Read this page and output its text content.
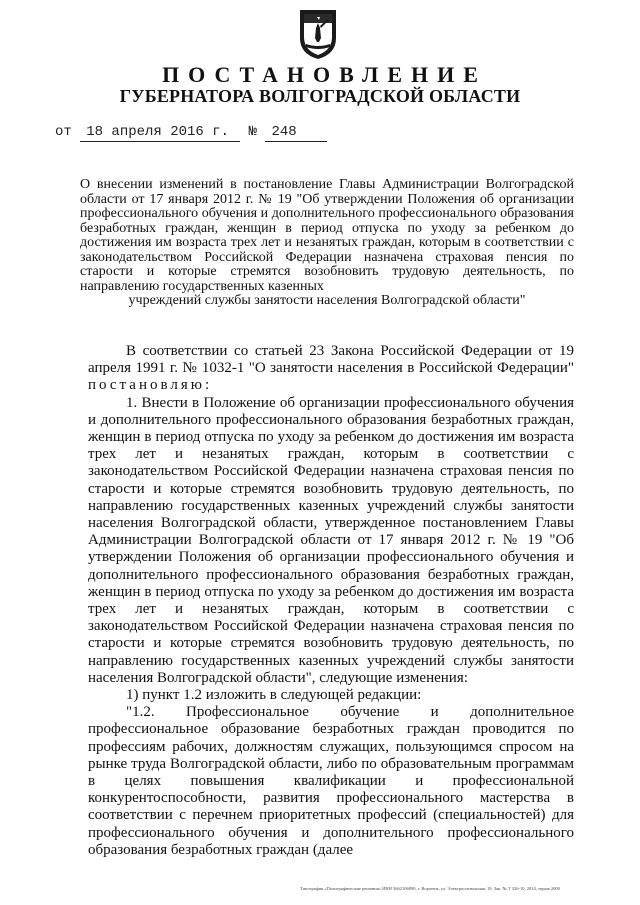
ПОСТАНОВЛЕНИЕ
ГУБЕРНАТОРА ВОЛГОГРАДСКОЙ ОБЛАСТИ
от 18 апреля 2016 г. № 248
О внесении изменений в постановление Главы Администрации Волгоградской области от 17 января 2012 г. № 19 "Об утверждении Положения об организации профессионального обучения и дополнительного профессионального образования безработных граждан, женщин в период отпуска по уходу за ребенком до достижения им возраста трех лет и незанятых граждан, которым в соответствии с законодательством Российской Федерации назначена страховая пенсия по старости и которые стремятся возобновить трудовую деятельность, по направлению государственных казенных
учреждений службы занятости населения Волгоградской области"

В соответствии со статьей 23 Закона Российской Федерации от 19 апреля 1991 г. № 1032-1 "О занятости населения в Российской Федерации" постановляю:

1. Внести в Положение об организации профессионального обучения и дополнительного профессионального образования безработных граждан, женщин в период отпуска по уходу за ребенком до достижения им возраста трех лет и незанятых граждан, которым в соответствии с законодательством Российской Федерации назначена страховая пенсия по старости и которые стремятся возобновить трудовую деятельность, по направлению государственных казенных учреждений службы занятости населения Волгоградской области, утвержденное постановлением Главы Администрации Волгоградской области от 17 января 2012 г. № 19 "Об утверждении Положения об организации профессионального обучения и дополнительного профессионального образования безработных граждан, женщин в период отпуска по уходу за ребенком до достижения им возраста трех лет и незанятых граждан, которым в соответствии с законодательством Российской Федерации назначена страховая пенсия по старости и которые стремятся возобновить трудовую деятельность, по направлению государственных казенных учреждений службы занятости населения Волгоградской области", следующие изменения:

1) пункт 1.2 изложить в следующей редакции:

"1.2. Профессиональное обучение и дополнительное профессиональное образование безработных граждан проводится по профессиям рабочих, должностям служащих, пользующимся спросом на рынке труда Волгоградской области, либо по образовательным программам в целях повышения квалификации и профессиональной конкурентоспособности, развития профессионального мастерства в соответствии с перечнем приоритетных профессий (специальностей) для профессионального обучения и дополнительного профессионального образования безработных граждан (далее

Типография «Полиграфические решения» ИНН 3662106890, г. Воронеж, ул. Электросигнальная, 19, Зак. № Т 326-10, 2014, тираж 2000
